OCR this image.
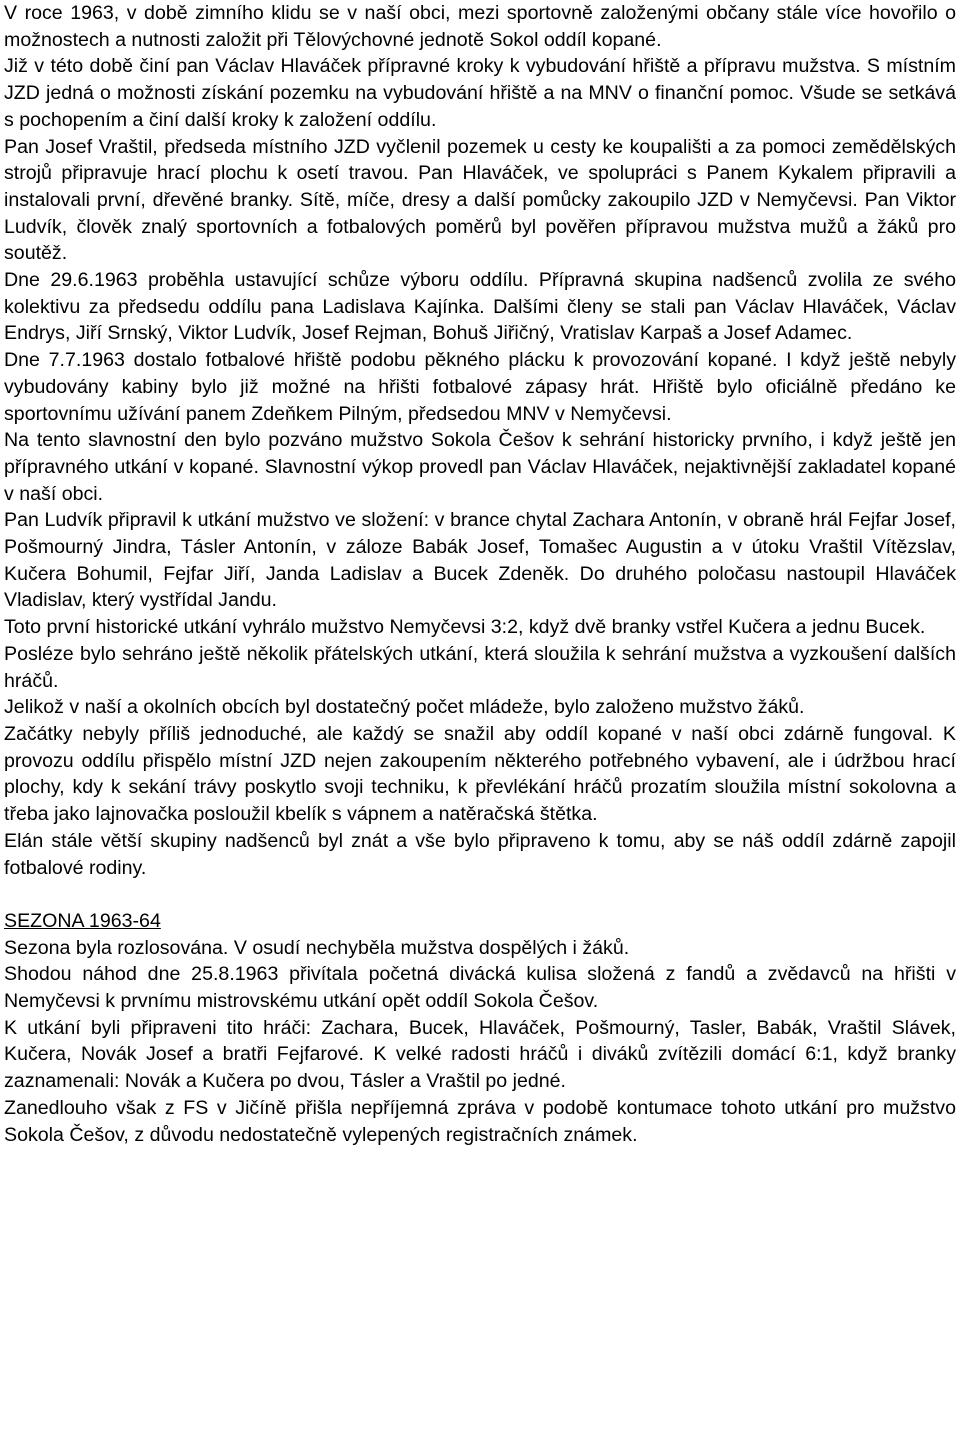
V roce 1963, v době zimního klidu se v naší obci, mezi sportovně založenými občany stále více hovořilo o možnostech a nutnosti založit při Tělovýchovné jednotě Sokol oddíl kopané.

Již v této době činí pan Václav Hlaváček přípravné kroky k vybudování hřiště a přípravu mužstva. S místním JZD jedná o možnosti získání pozemku na vybudování hřiště a na MNV o finanční pomoc. Všude se setkává s pochopením a činí další kroky k založení oddílu.

Pan Josef Vraštil, předseda místního JZD vyčlenil pozemek u cesty ke koupališti a za pomoci zemědělských strojů připravuje hrací plochu k osetí travou. Pan Hlaváček, ve spolupráci s Panem Kykalem připravili a instalovali první, dřevěné branky. Sítě, míče, dresy a další pomůcky zakoupilo JZD v Nemyčevsi. Pan Viktor Ludvík, člověk znalý sportovních a fotbalových poměrů byl pověřen přípravou mužstva mužů a žáků pro soutěž.

Dne 29.6.1963 proběhla ustavující schůze výboru oddílu. Přípravná skupina nadšenců zvolila ze svého kolektivu za předsedu oddílu pana Ladislava Kajínka. Dalšími členy se stali pan Václav Hlaváček, Václav Endrys, Jiří Srnský, Viktor Ludvík, Josef Rejman, Bohuš Jiřičný, Vratislav Karpaš a Josef Adamec.

Dne 7.7.1963 dostalo fotbalové hřiště podobu pěkného plácku k provozování kopané. I když ještě nebyly vybudovány kabiny bylo již možné na hřišti fotbalové zápasy hrát. Hřiště bylo oficiálně předáno ke sportovnímu užívání panem Zdeňkem Pilným, předsedou MNV v Nemyčevsi.

Na tento slavnostní den bylo pozváno mužstvo Sokola Češov k sehrání historicky prvního, i když ještě jen přípravného utkání v kopané. Slavnostní výkop provedl pan Václav Hlaváček, nejaktivnější zakladatel kopané v naší obci.

Pan Ludvík připravil k utkání mužstvo ve složení: v brance chytal Zachara Antonín, v obraně hrál Fejfar Josef, Pošmourný Jindra, Tásler Antonín, v záloze Babák Josef, Tomašec Augustin a v útoku Vraštil Vítězslav, Kučera Bohumil, Fejfar Jiří, Janda Ladislav a Bucek Zdeněk. Do druhého poločasu nastoupil Hlaváček Vladislav, který vystřídal Jandu.

Toto první historické utkání vyhrálo mužstvo Nemyčevsi 3:2, když dvě branky vstřel Kučera a jednu Bucek.

Posléze bylo sehráno ještě několik přátelských utkání, která sloužila k sehrání mužstva a vyzkoušení dalších hráčů.

Jelikož v naší a okolních obcích byl dostatečný počet mládeže, bylo založeno mužstvo žáků.

Začátky nebyly příliš jednoduché, ale každý se snažil aby oddíl kopané v naší obci zdárně fungoval. K provozu oddílu přispělo místní JZD nejen zakoupením některého potřebného vybavení, ale i údržbou hrací plochy, kdy k sekání trávy poskytlo svoji techniku, k převlékání hráčů prozatím sloužila místní sokolovna a třeba jako lajnovačka posloužil kbelík s vápnem a natěračská štětka.

Elán stále větší skupiny nadšenců byl znát a vše bylo připraveno k tomu, aby se náš oddíl zdárně zapojil fotbalové rodiny.

SEZONA 1963-64

Sezona byla rozlosována. V osudí nechyběla mužstva dospělých i žáků.

Shodou náhod dne 25.8.1963 přivítala početná divácká kulisa složená z fandů a zvědavců na hřišti v Nemyčevsi k prvnímu mistrovskému utkání opět oddíl Sokola Češov.

K utkání byli připraveni tito hráči: Zachara, Bucek, Hlaváček, Pošmourný, Tasler, Babák, Vraštil Slávek, Kučera, Novák Josef a bratři Fejfarové. K velké radosti hráčů i diváků zvítězili domácí 6:1, když branky zaznamenali: Novák a Kučera po dvou, Tásler a Vraštil po jedné.

Zanedlouho však z FS v Jičíně přišla nepříjemná zpráva v podobě kontumace tohoto utkání pro mužstvo Sokola Češov, z důvodu nedostatečně vylepených registračních známek.
